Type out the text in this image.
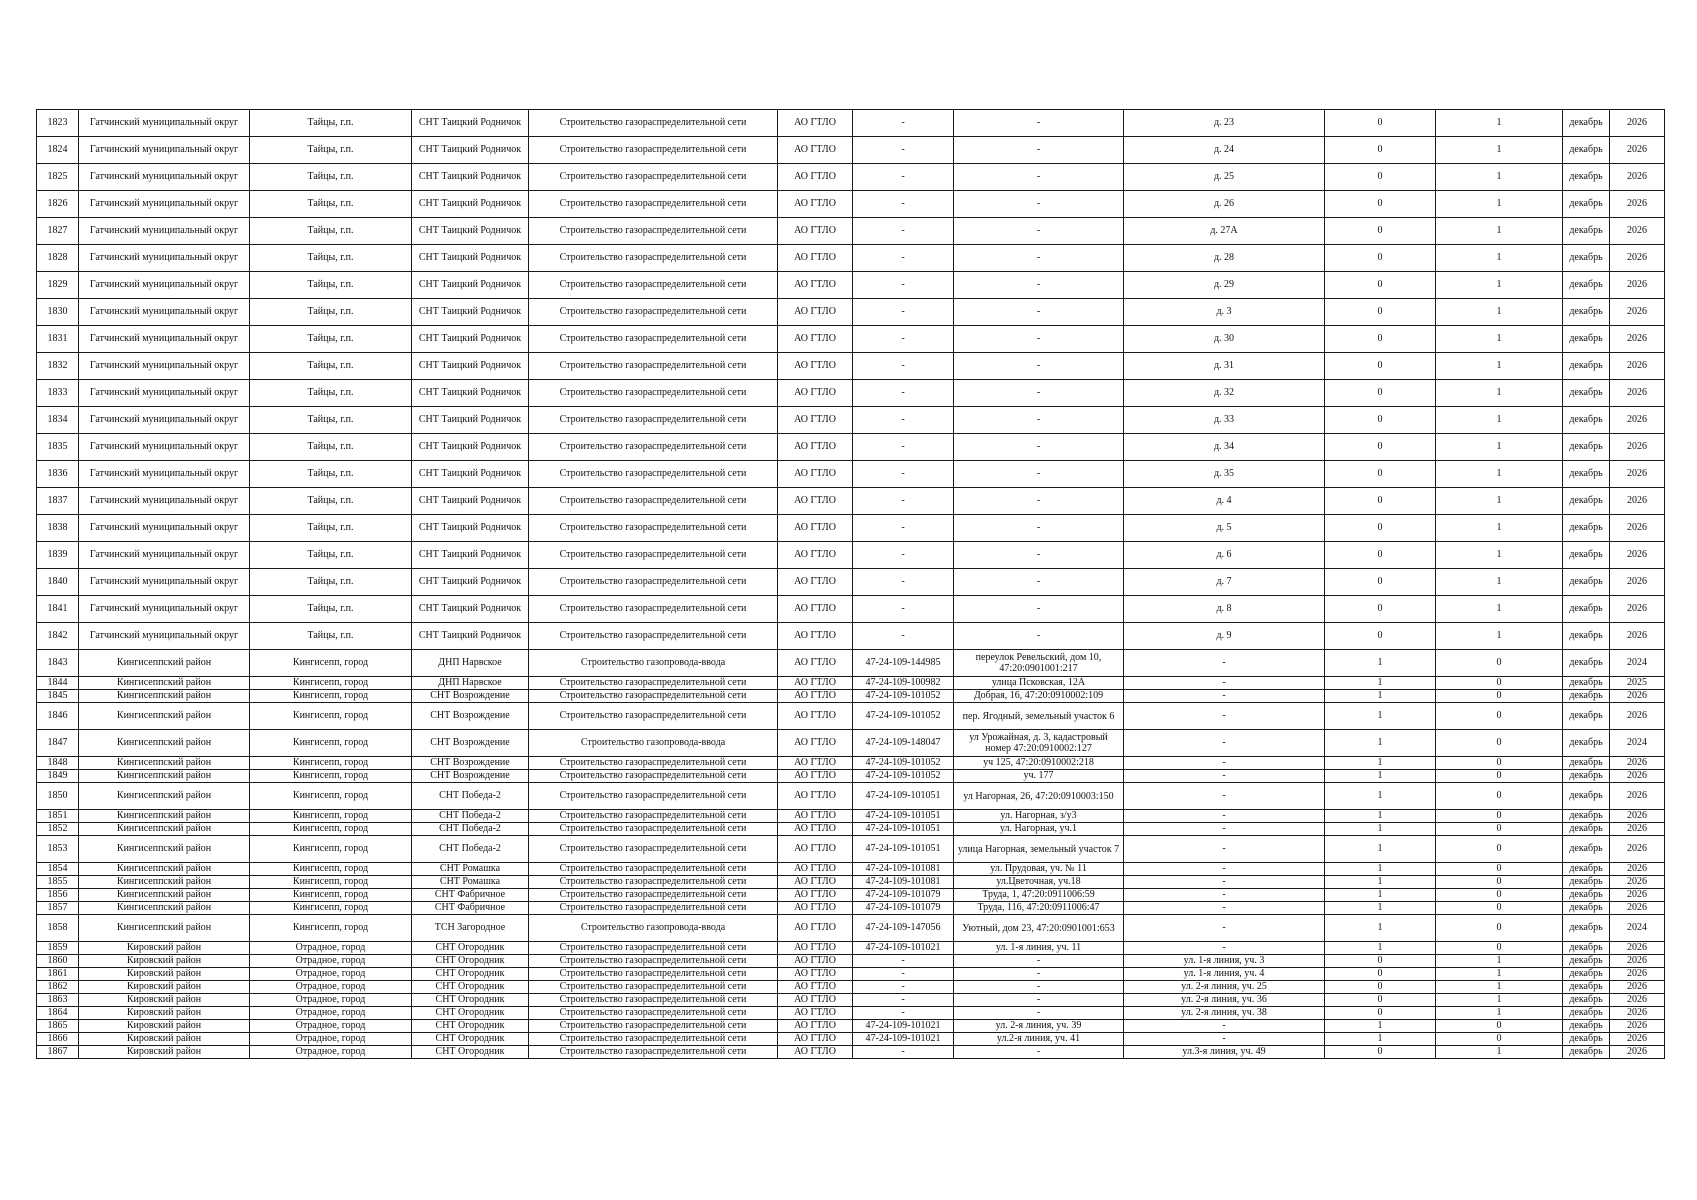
1823	Гатчинский муниципальный округ	Тайцы, г.п.	СНТ Таицкий Родничок	Строительство газораспределительной сети	АО ГТЛО	-	-	д. 23	0	1	декабрь	2026
1824	Гатчинский муниципальный округ	Тайцы, г.п.	СНТ Таицкий Родничок	Строительство газораспределительной сети	АО ГТЛО	-	-	д. 24	0	1	декабрь	2026
1825	Гатчинский муниципальный округ	Тайцы, г.п.	СНТ Таицкий Родничок	Строительство газораспределительной сети	АО ГТЛО	-	-	д. 25	0	1	декабрь	2026
1826	Гатчинский муниципальный округ	Тайцы, г.п.	СНТ Таицкий Родничок	Строительство газораспределительной сети	АО ГТЛО	-	-	д. 26	0	1	декабрь	2026
1827	Гатчинский муниципальный округ	Тайцы, г.п.	СНТ Таицкий Родничок	Строительство газораспределительной сети	АО ГТЛО	-	-	д. 27А	0	1	декабрь	2026
1828	Гатчинский муниципальный округ	Тайцы, г.п.	СНТ Таицкий Родничок	Строительство газораспределительной сети	АО ГТЛО	-	-	д. 28	0	1	декабрь	2026
1829	Гатчинский муниципальный округ	Тайцы, г.п.	СНТ Таицкий Родничок	Строительство газораспределительной сети	АО ГТЛО	-	-	д. 29	0	1	декабрь	2026
1830	Гатчинский муниципальный округ	Тайцы, г.п.	СНТ Таицкий Родничок	Строительство газораспределительной сети	АО ГТЛО	-	-	д. 3	0	1	декабрь	2026
1831	Гатчинский муниципальный округ	Тайцы, г.п.	СНТ Таицкий Родничок	Строительство газораспределительной сети	АО ГТЛО	-	-	д. 30	0	1	декабрь	2026
1832	Гатчинский муниципальный округ	Тайцы, г.п.	СНТ Таицкий Родничок	Строительство газораспределительной сети	АО ГТЛО	-	-	д. 31	0	1	декабрь	2026
1833	Гатчинский муниципальный округ	Тайцы, г.п.	СНТ Таицкий Родничок	Строительство газораспределительной сети	АО ГТЛО	-	-	д. 32	0	1	декабрь	2026
1834	Гатчинский муниципальный округ	Тайцы, г.п.	СНТ Таицкий Родничок	Строительство газораспределительной сети	АО ГТЛО	-	-	д. 33	0	1	декабрь	2026
1835	Гатчинский муниципальный округ	Тайцы, г.п.	СНТ Таицкий Родничок	Строительство газораспределительной сети	АО ГТЛО	-	-	д. 34	0	1	декабрь	2026
1836	Гатчинский муниципальный округ	Тайцы, г.п.	СНТ Таицкий Родничок	Строительство газораспределительной сети	АО ГТЛО	-	-	д. 35	0	1	декабрь	2026
1837	Гатчинский муниципальный округ	Тайцы, г.п.	СНТ Таицкий Родничок	Строительство газораспределительной сети	АО ГТЛО	-	-	д. 4	0	1	декабрь	2026
1838	Гатчинский муниципальный округ	Тайцы, г.п.	СНТ Таицкий Родничок	Строительство газораспределительной сети	АО ГТЛО	-	-	д. 5	0	1	декабрь	2026
1839	Гатчинский муниципальный округ	Тайцы, г.п.	СНТ Таицкий Родничок	Строительство газораспределительной сети	АО ГТЛО	-	-	д. 6	0	1	декабрь	2026
1840	Гатчинский муниципальный округ	Тайцы, г.п.	СНТ Таицкий Родничок	Строительство газораспределительной сети	АО ГТЛО	-	-	д. 7	0	1	декабрь	2026
1841	Гатчинский муниципальный округ	Тайцы, г.п.	СНТ Таицкий Родничок	Строительство газораспределительной сети	АО ГТЛО	-	-	д. 8	0	1	декабрь	2026
1842	Гатчинский муниципальный округ	Тайцы, г.п.	СНТ Таицкий Родничок	Строительство газораспределительной сети	АО ГТЛО	-	-	д. 9	0	1	декабрь	2026
1843	Кингисеппский район	Кингисепп, город	ДНП Нарвское	Строительство газопровода-ввода	АО ГТЛО	47-24-109-144985	переулок Ревельский, дом 10, 47:20:0901001:217	-	1	0	декабрь	2024
1844	Кингисеппский район	Кингисепп, город	ДНП Нарвское	Строительство газораспределительной сети	АО ГТЛО	47-24-109-100982	улица Псковская, 12А	-	1	0	декабрь	2025
1845	Кингисеппский район	Кингисепп, город	СНТ Возрождение	Строительство газораспределительной сети	АО ГТЛО	47-24-109-101052	Добрая, 16, 47:20:0910002:109	-	1	0	декабрь	2026
1846	Кингисеппский район	Кингисепп, город	СНТ Возрождение	Строительство газораспределительной сети	АО ГТЛО	47-24-109-101052	пер. Ягодный, земельный участок 6	-	1	0	декабрь	2026
1847	Кингисеппский район	Кингисепп, город	СНТ Возрождение	Строительство газопровода-ввода	АО ГТЛО	47-24-109-148047	ул Урожайная, д. 3, кадастровый номер 47:20:0910002:127	-	1	0	декабрь	2024
1848	Кингисеппский район	Кингисепп, город	СНТ Возрождение	Строительство газораспределительной сети	АО ГТЛО	47-24-109-101052	уч 125, 47:20:0910002:218	-	1	0	декабрь	2026
1849	Кингисеппский район	Кингисепп, город	СНТ Возрождение	Строительство газораспределительной сети	АО ГТЛО	47-24-109-101052	уч. 177	-	1	0	декабрь	2026
1850	Кингисеппский район	Кингисепп, город	СНТ Победа-2	Строительство газораспределительной сети	АО ГТЛО	47-24-109-101051	ул Нагорная, 26, 47:20:0910003:150	-	1	0	декабрь	2026
1851	Кингисеппский район	Кингисепп, город	СНТ Победа-2	Строительство газораспределительной сети	АО ГТЛО	47-24-109-101051	ул. Нагорная, з/у3	-	1	0	декабрь	2026
1852	Кингисеппский район	Кингисепп, город	СНТ Победа-2	Строительство газораспределительной сети	АО ГТЛО	47-24-109-101051	ул. Нагорная, уч.1	-	1	0	декабрь	2026
1853	Кингисеппский район	Кингисепп, город	СНТ Победа-2	Строительство газораспределительной сети	АО ГТЛО	47-24-109-101051	улица Нагорная, земельный участок 7	-	1	0	декабрь	2026
1854	Кингисеппский район	Кингисепп, город	СНТ Ромашка	Строительство газораспределительной сети	АО ГТЛО	47-24-109-101081	ул. Прудовая, уч. № 11	-	1	0	декабрь	2026
1855	Кингисеппский район	Кингисепп, город	СНТ Ромашка	Строительство газораспределительной сети	АО ГТЛО	47-24-109-101081	ул.Цветочная, уч.18	-	1	0	декабрь	2026
1856	Кингисеппский район	Кингисепп, город	СНТ Фабричное	Строительство газораспределительной сети	АО ГТЛО	47-24-109-101079	Труда, 1, 47:20:0911006:59	-	1	0	декабрь	2026
1857	Кингисеппский район	Кингисепп, город	СНТ Фабричное	Строительство газораспределительной сети	АО ГТЛО	47-24-109-101079	Труда, 116, 47:20:0911006:47	-	1	0	декабрь	2026
1858	Кингисеппский район	Кингисепп, город	ТСН Загородное	Строительство газопровода-ввода	АО ГТЛО	47-24-109-147056	Уютный, дом 23, 47:20:0901001:653	-	1	0	декабрь	2024
1859	Кировский район	Отрадное, город	СНТ Огородник	Строительство газораспределительной сети	АО ГТЛО	47-24-109-101021	ул. 1-я линия, уч. 11	-	1	0	декабрь	2026
1860	Кировский район	Отрадное, город	СНТ Огородник	Строительство газораспределительной сети	АО ГТЛО	-	-	ул. 1-я линия, уч. 3	0	1	декабрь	2026
1861	Кировский район	Отрадное, город	СНТ Огородник	Строительство газораспределительной сети	АО ГТЛО	-	-	ул. 1-я линия, уч. 4	0	1	декабрь	2026
1862	Кировский район	Отрадное, город	СНТ Огородник	Строительство газораспределительной сети	АО ГТЛО	-	-	ул. 2-я линия, уч. 25	0	1	декабрь	2026
1863	Кировский район	Отрадное, город	СНТ Огородник	Строительство газораспределительной сети	АО ГТЛО	-	-	ул. 2-я линия, уч. 36	0	1	декабрь	2026
1864	Кировский район	Отрадное, город	СНТ Огородник	Строительство газораспределительной сети	АО ГТЛО	-	-	ул. 2-я линия, уч. 38	0	1	декабрь	2026
1865	Кировский район	Отрадное, город	СНТ Огородник	Строительство газораспределительной сети	АО ГТЛО	47-24-109-101021	ул. 2-я линия, уч. 39	-	1	0	декабрь	2026
1866	Кировский район	Отрадное, город	СНТ Огородник	Строительство газораспределительной сети	АО ГТЛО	47-24-109-101021	ул.2-я линия, уч. 41	-	1	0	декабрь	2026
1867	Кировский район	Отрадное, город	СНТ Огородник	Строительство газораспределительной сети	АО ГТЛО	-	-	ул.3-я линия, уч. 49	0	1	декабрь	2026
